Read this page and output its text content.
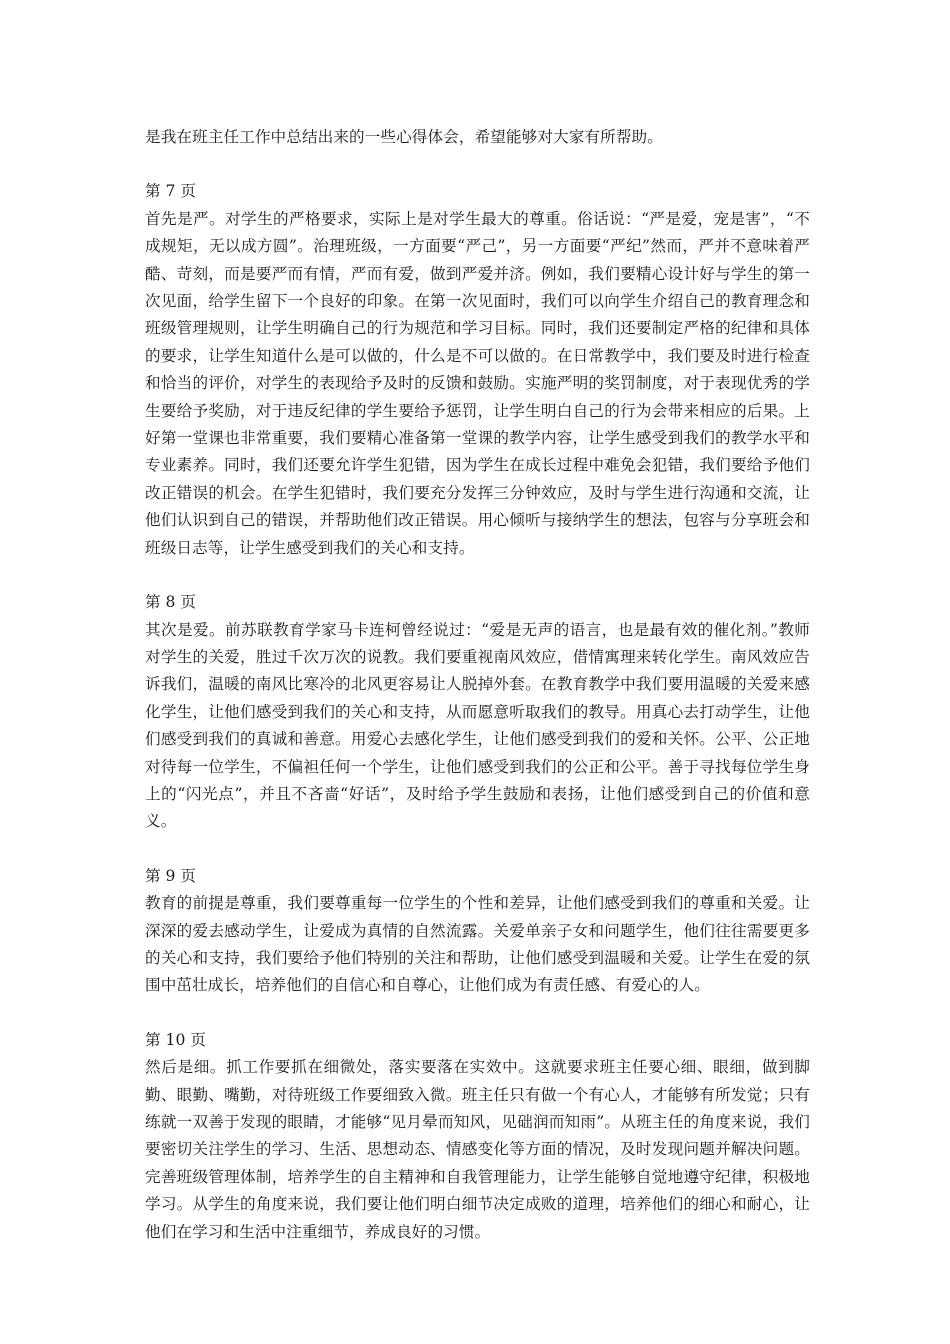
是我在班主任工作中总结出来的一些心得体会，希望能够对大家有所帮助。

第 7 页

首先是严。对学生的严格要求，实际上是对学生最大的尊重。俗话说：“严是爱，宠是害”，“不成规矩，无以成方圆”。治理班级，一方面要“严己”，另一方面要“严纪”然而，严并不意味着严酷、苛刻，而是要严而有情，严而有爱，做到严爱并济。例如，我们要精心设计好与学生的第一次见面，给学生留下一个良好的印象。在第一次见面时，我们可以向学生介绍自己的教育理念和班级管理规则，让学生明确自己的行为规范和学习目标。同时，我们还要制定严格的纪律和具体的要求，让学生知道什么是可以做的，什么是不可以做的。在日常教学中，我们要及时进行检查和恰当的评价，对学生的表现给予及时的反馈和鼓励。实施严明的奖罚制度，对于表现优秀的学生要给予奖励，对于违反纪律的学生要给予惩罚，让学生明白自己的行为会带来相应的后果。上好第一堂课也非常重要，我们要精心准备第一堂课的教学内容，让学生感受到我们的教学水平和专业素养。同时，我们还要允许学生犯错，因为学生在成长过程中难免会犯错，我们要给予他们改正错误的机会。在学生犯错时，我们要充分发挥三分钟效应，及时与学生进行沟通和交流，让他们认识到自己的错误，并帮助他们改正错误。用心倾听与接纳学生的想法，包容与分享班会和班级日志等，让学生感受到我们的关心和支持。

第 8 页

其次是爱。前苏联教育学家马卡连柯曾经说过：“爱是无声的语言，也是最有效的催化剂。”教师对学生的关爱，胜过千次万次的说教。我们要重视南风效应，借情寓理来转化学生。南风效应告诉我们，温暖的南风比寒冷的北风更容易让人脱掉外套。在教育教学中我们要用温暖的关爱来感化学生，让他们感受到我们的关心和支持，从而愿意听取我们的教导。用真心去打动学生，让他们感受到我们的真诚和善意。用爱心去感化学生，让他们感受到我们的爱和关怀。公平、公正地对待每一位学生，不偏袒任何一个学生，让他们感受到我们的公正和公平。善于寻找每位学生身上的“闪光点”，并且不吝啬“好话”，及时给予学生鼓励和表扬，让他们感受到自己的价值和意义。

第 9 页

教育的前提是尊重，我们要尊重每一位学生的个性和差异，让他们感受到我们的尊重和关爱。让深深的爱去感动学生，让爱成为真情的自然流露。关爱单亲子女和问题学生，他们往往需要更多的关心和支持，我们要给予他们特别的关注和帮助，让他们感受到温暖和关爱。让学生在爱的氛围中茁壮成长，培养他们的自信心和自尊心，让他们成为有责任感、有爱心的人。

第 10 页

然后是细。抓工作要抓在细微处，落实要落在实效中。这就要求班主任要心细、眼细，做到脚勤、眼勤、嘴勤，对待班级工作要细致入微。班主任只有做一个有心人，才能够有所发觉；只有练就一双善于发现的眼睛，才能够“见月晕而知风，见础润而知雨”。从班主任的角度来说，我们要密切关注学生的学习、生活、思想动态、情感变化等方面的情况，及时发现问题并解决问题。完善班级管理体制，培养学生的自主精神和自我管理能力，让学生能够自觉地遵守纪律，积极地学习。从学生的角度来说，我们要让他们明白细节决定成败的道理，培养他们的细心和耐心，让他们在学习和生活中注重细节，养成良好的习惯。
